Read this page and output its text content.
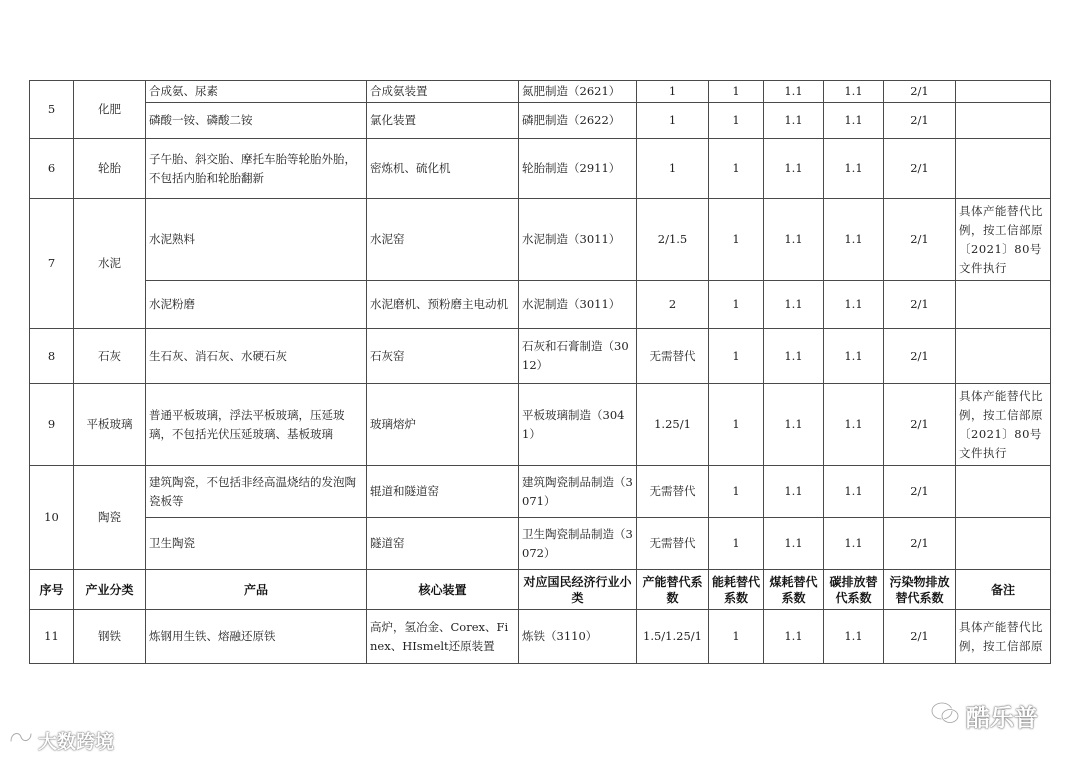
5	化肥	合成氨、尿素	合成氨装置	氮肥制造（2621）	1	1	1.1	1.1	2/1	
		磷酸一铵、磷酸二铵	氯化装置	磷肥制造（2622）	1	1	1.1	1.1	2/1	
6	轮胎	子午胎、斜交胎、摩托车胎等轮胎外胎，不包括内胎和轮胎翻新	密炼机、硫化机	轮胎制造（2911）	1	1	1.1	1.1	2/1	
7	水泥	水泥熟料	水泥窑	水泥制造（3011）	2/1.5	1	1.1	1.1	2/1	具体产能替代比例，按工信部原〔2021〕80号文件执行
		水泥粉磨	水泥磨机、预粉磨主电动机	水泥制造（3011）	2	1	1.1	1.1	2/1	
8	石灰	生石灰、消石灰、水硬石灰	石灰窑	石灰和石膏制造（3012）	无需替代	1	1.1	1.1	2/1	
9	平板玻璃	普通平板玻璃，浮法平板玻璃，压延玻璃，不包括光伏压延玻璃、基板玻璃	玻璃熔炉	平板玻璃制造（3041）	1.25/1	1	1.1	1.1	2/1	具体产能替代比例，按工信部原〔2021〕80号文件执行
10	陶瓷	建筑陶瓷，不包括非经高温烧结的发泡陶瓷板等	辊道和隧道窑	建筑陶瓷制品制造（3071）	无需替代	1	1.1	1.1	2/1	
		卫生陶瓷	隧道窑	卫生陶瓷制品制造（3072）	无需替代	1	1.1	1.1	2/1	
序号	产业分类	产品	核心装置	对应国民经济行业小类	产能替代系数	能耗替代系数	煤耗替代系数	碳排放替代系数	污染物排放替代系数	备注
11	钢铁	炼钢用生铁、熔融还原铁	高炉，氢冶金、Corex、Finex、HIsmelt还原装置	炼铁（3110）	1.5/1.25/1	1	1.1	1.1	2/1	具体产能替代比例，按工信部原
大数跨境
酷乐普
